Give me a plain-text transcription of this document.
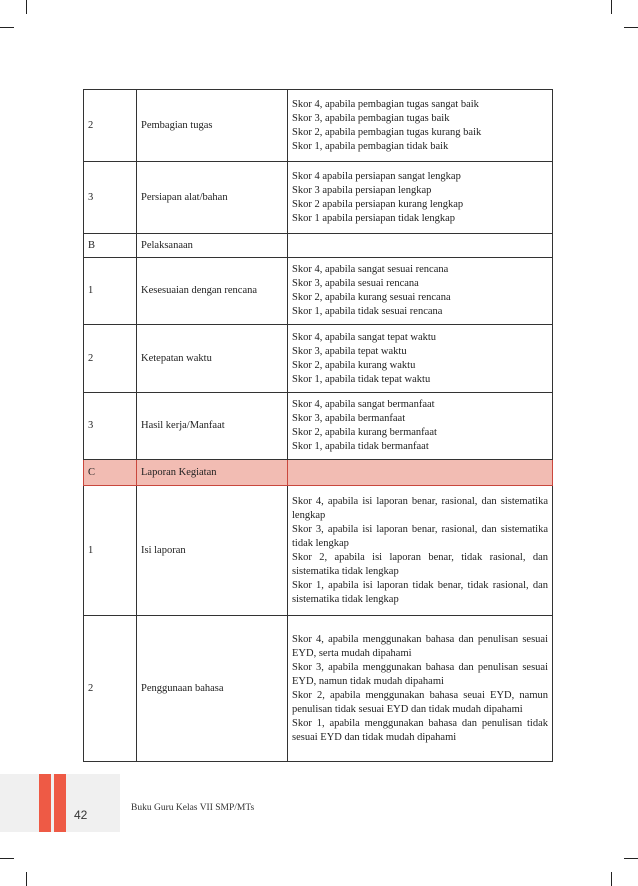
2	Pembagian tugas	Skor 4, apabila pembagian tugas sangat baik
Skor 3, apabila pembagian tugas baik
Skor 2, apabila pembagian tugas kurang baik
Skor 1, apabila pembagian tidak baik

3	Persiapan alat/bahan	Skor 4 apabila persiapan sangat lengkap
Skor 3 apabila persiapan lengkap
Skor 2 apabila persiapan kurang lengkap
Skor 1 apabila persiapan tidak lengkap

B	Pelaksanaan	
1	Kesesuaian dengan rencana	Skor 4, apabila sangat sesuai rencana
Skor 3, apabila sesuai rencana
Skor 2, apabila kurang sesuai rencana
Skor 1, apabila tidak sesuai rencana

2	Ketepatan waktu	Skor 4, apabila sangat tepat waktu
Skor 3, apabila tepat waktu
Skor 2, apabila kurang waktu
Skor 1, apabila tidak tepat waktu

3	Hasil kerja/Manfaat	Skor 4, apabila sangat bermanfaat
Skor 3, apabila bermanfaat
Skor 2, apabila kurang bermanfaat
Skor 1, apabila tidak bermanfaat

C	Laporan Kegiatan	
1	Isi laporan	Skor 4, apabila isi laporan benar, rasional, dan sistematika lengkap
Skor 3, apabila isi laporan benar, rasional, dan sistematika tidak lengkap
Skor 2, apabila isi laporan benar, tidak rasional, dan sistematika tidak lengkap
Skor 1, apabila isi laporan tidak benar, tidak rasional, dan sistematika tidak lengkap

2	Penggunaan bahasa	Skor 4, apabila menggunakan bahasa dan penulisan sesuai EYD, serta mudah dipahami
Skor 3, apabila menggunakan bahasa dan penulisan sesuai EYD, namun tidak mudah dipahami
Skor 2, apabila menggunakan bahasa seuai EYD, namun penulisan tidak sesuai EYD dan tidak mudah dipahami
Skor 1, apabila menggunakan bahasa dan penulisan tidak sesuai EYD dan tidak mudah dipahami
42	Buku Guru Kelas VII SMP/MTs
